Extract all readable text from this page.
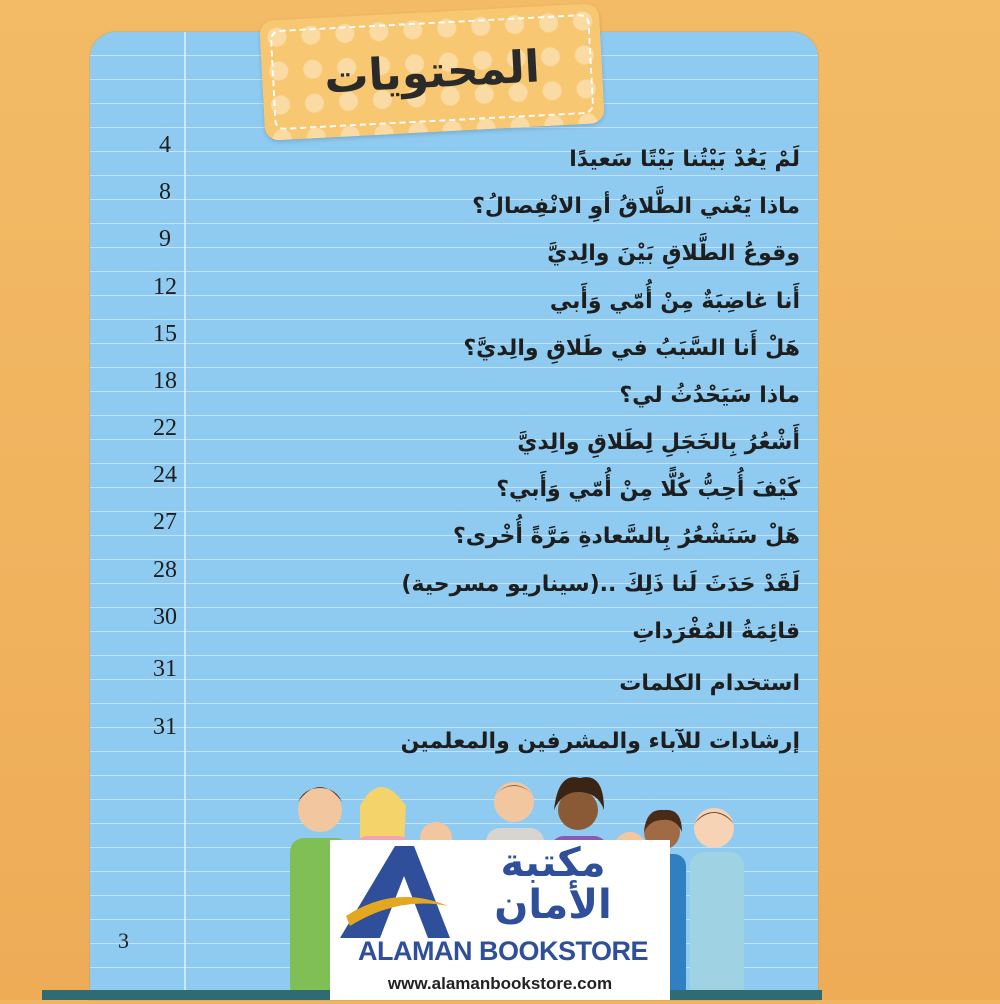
المحتويات
لَمْ يَعُدْ بَيْتُنا بَيْتًا سَعيدًا
4
ماذا يَعْني الطَّلاقُ أوِ الانْفِصالُ؟
8
وقوعُ الطَّلاقِ بَيْنَ والِديَّ
9
أَنا غاضِبَةٌ مِنْ أُمّي وَأَبي
12
هَلْ أَنا السَّبَبُ في طَلاقِ والِديَّ؟
15
ماذا سَيَحْدُثُ لي؟
18
أَشْعُرُ بِالخَجَلِ لِطَلاقِ والِديَّ
22
كَيْفَ أُحِبُّ كُلًّا مِنْ أُمّي وَأَبي؟
24
هَلْ سَنَشْعُرُ بِالسَّعادةِ مَرَّةً أُخْرى؟
27
لَقَدْ حَدَثَ لَنا ذَلِكَ ..(سيناريو مسرحية)
28
قائِمَةُ المُفْرَداتِ
30
استخدام الكلمات
31
إرشادات للآباء والمشرفين والمعلمين
31
3
مكتبة
الأمان
ALAMAN BOOKSTORE
www.alamanbookstore.com
